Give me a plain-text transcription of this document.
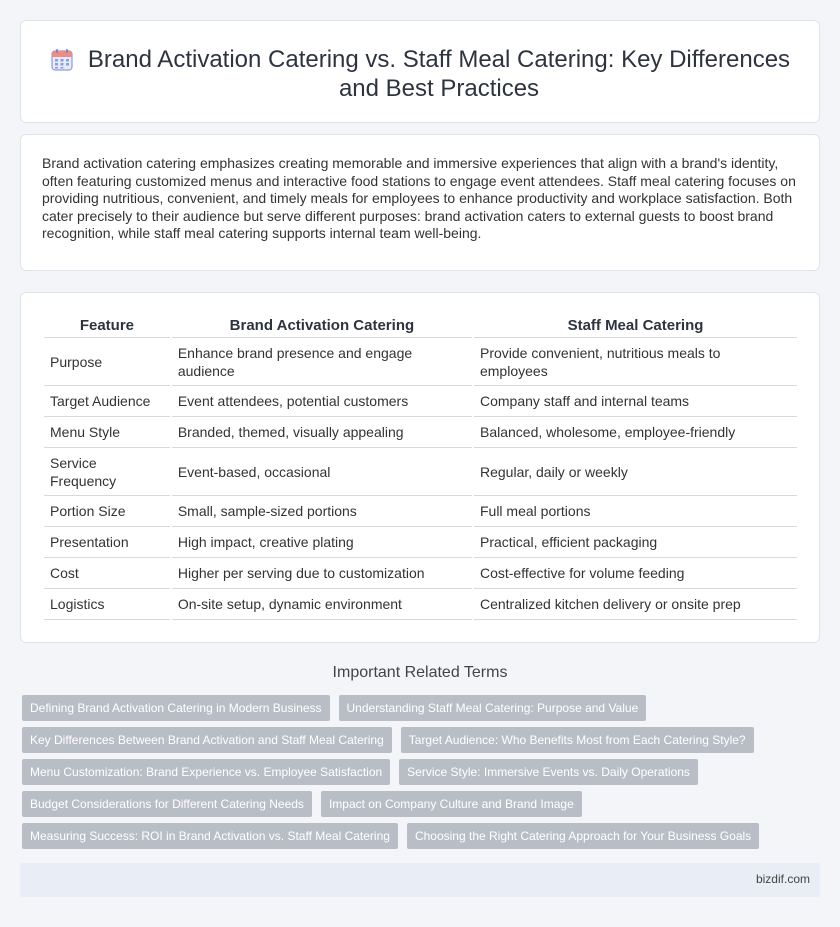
Brand Activation Catering vs. Staff Meal Catering: Key Differences and Best Practices

Brand activation catering emphasizes creating memorable and immersive experiences that align with a brand's identity, often featuring customized menus and interactive food stations to engage event attendees. Staff meal catering focuses on providing nutritious, convenient, and timely meals for employees to enhance productivity and workplace satisfaction. Both cater precisely to their audience but serve different purposes: brand activation caters to external guests to boost brand recognition, while staff meal catering supports internal team well-being.

Feature	Brand Activation Catering	Staff Meal Catering
Purpose	Enhance brand presence and engage audience	Provide convenient, nutritious meals to employees
Target Audience	Event attendees, potential customers	Company staff and internal teams
Menu Style	Branded, themed, visually appealing	Balanced, wholesome, employee-friendly
Service Frequency	Event-based, occasional	Regular, daily or weekly
Portion Size	Small, sample-sized portions	Full meal portions
Presentation	High impact, creative plating	Practical, efficient packaging
Cost	Higher per serving due to customization	Cost-effective for volume feeding
Logistics	On-site setup, dynamic environment	Centralized kitchen delivery or onsite prep
Important Related Terms
Defining Brand Activation Catering in Modern Business Understanding Staff Meal Catering: Purpose and Value
Key Differences Between Brand Activation and Staff Meal Catering Target Audience: Who Benefits Most from Each Catering Style?
Menu Customization: Brand Experience vs. Employee Satisfaction Service Style: Immersive Events vs. Daily Operations
Budget Considerations for Different Catering Needs Impact on Company Culture and Brand Image
Measuring Success: ROI in Brand Activation vs. Staff Meal Catering Choosing the Right Catering Approach for Your Business Goals
bizdif.com
